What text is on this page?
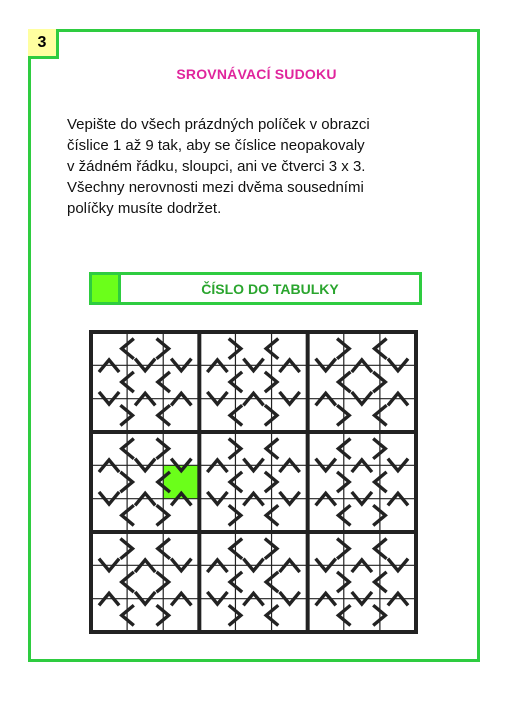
3
SROVNÁVACÍ SUDOKU
Vepište do všech prázdných políček v obrazci
číslice 1 až 9 tak, aby se číslice neopakovaly
v žádném řádku, sloupci, ani ve čtverci 3 x 3.
Všechny nerovnosti mezi dvěma sousedními
políčky musíte dodržet.
ČÍSLO DO TABULKY
